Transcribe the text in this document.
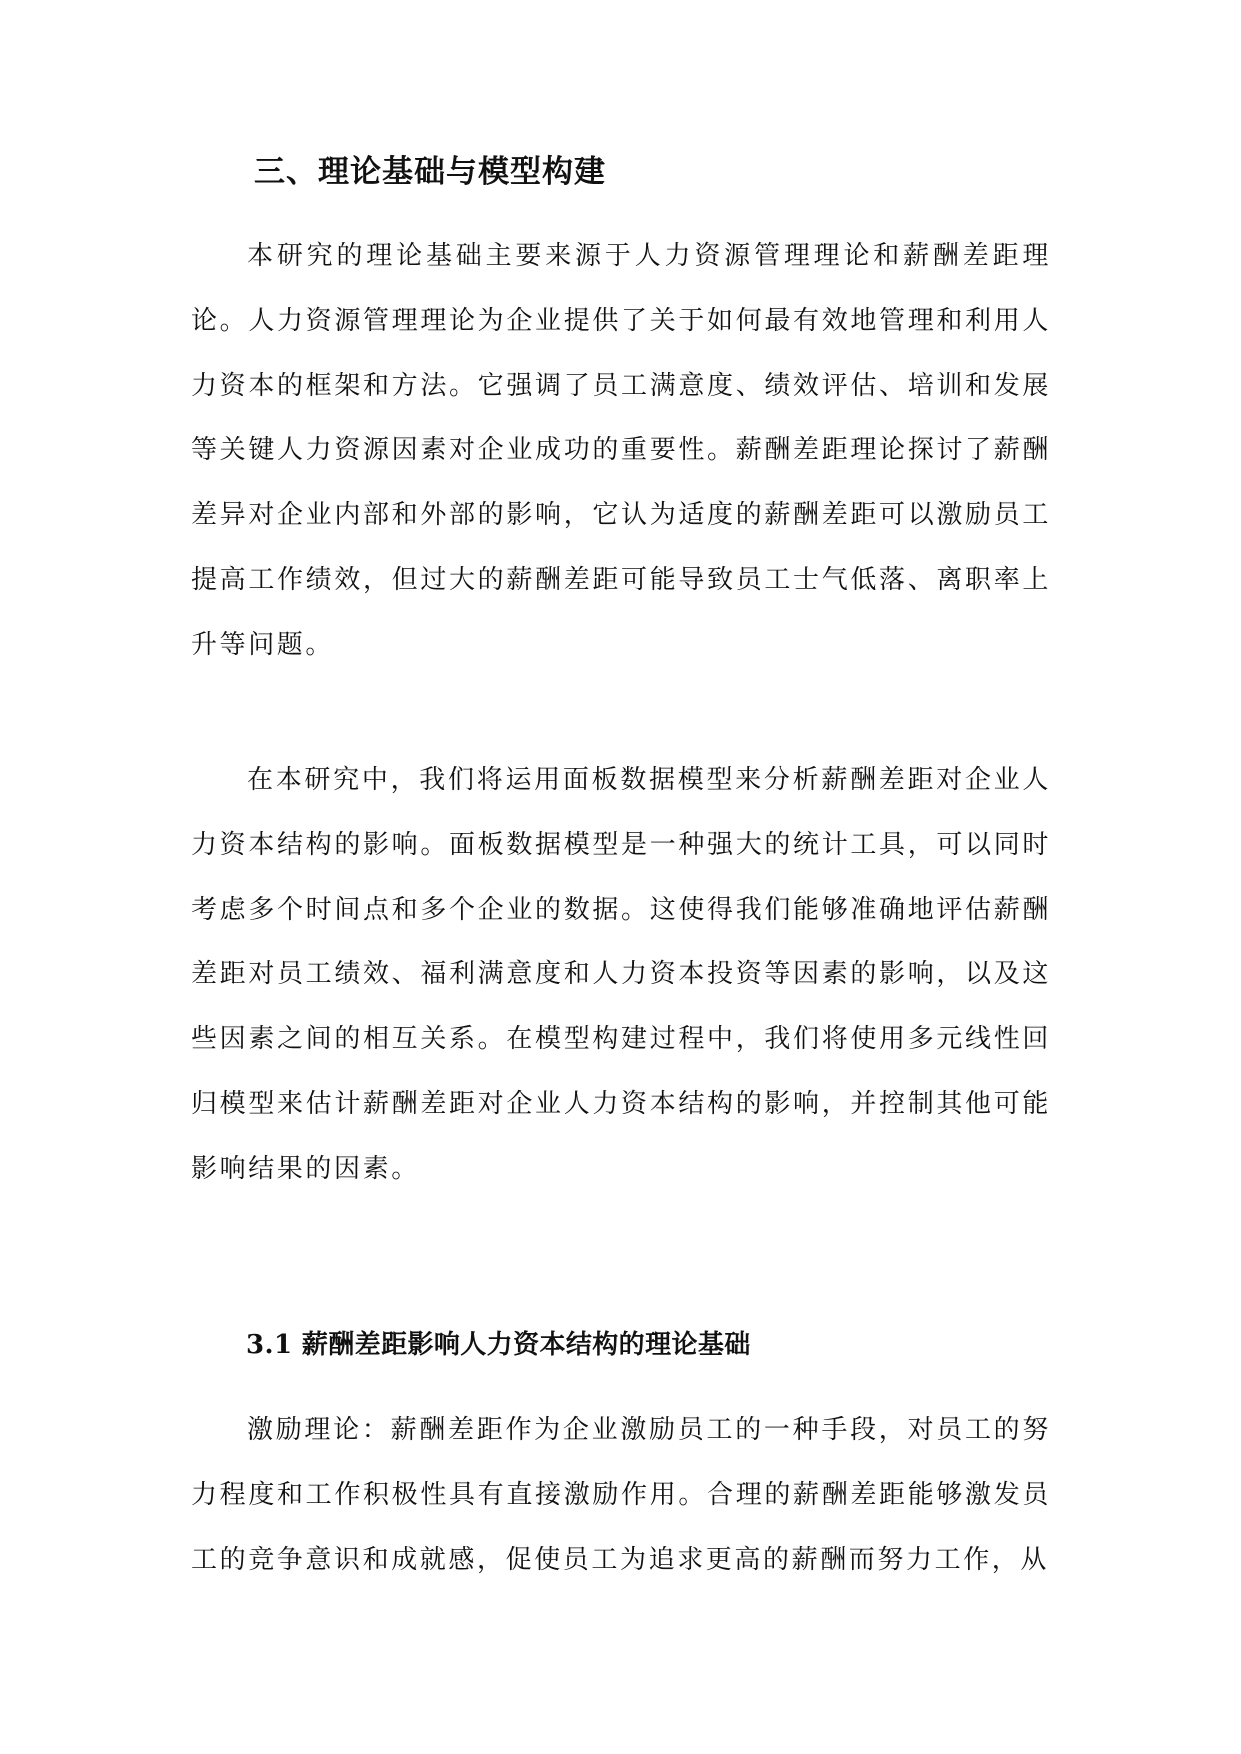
三、理论基础与模型构建

本研究的理论基础主要来源于人力资源管理理论和薪酬差距理论。人力资源管理理论为企业提供了关于如何最有效地管理和利用人力资本的框架和方法。它强调了员工满意度、绩效评估、培训和发展等关键人力资源因素对企业成功的重要性。薪酬差距理论探讨了薪酬差异对企业内部和外部的影响，它认为适度的薪酬差距可以激励员工提高工作绩效，但过大的薪酬差距可能导致员工士气低落、离职率上升等问题。

在本研究中，我们将运用面板数据模型来分析薪酬差距对企业人力资本结构的影响。面板数据模型是一种强大的统计工具，可以同时考虑多个时间点和多个企业的数据。这使得我们能够准确地评估薪酬差距对员工绩效、福利满意度和人力资本投资等因素的影响，以及这些因素之间的相互关系。在模型构建过程中，我们将使用多元线性回归模型来估计薪酬差距对企业人力资本结构的影响，并控制其他可能影响结果的因素。

3.1 薪酬差距影响人力资本结构的理论基础

激励理论：薪酬差距作为企业激励员工的一种手段，对员工的努力程度和工作积极性具有直接激励作用。合理的薪酬差距能够激发员工的竞争意识和成就感，促使员工为追求更高的薪酬而努力工作，从
